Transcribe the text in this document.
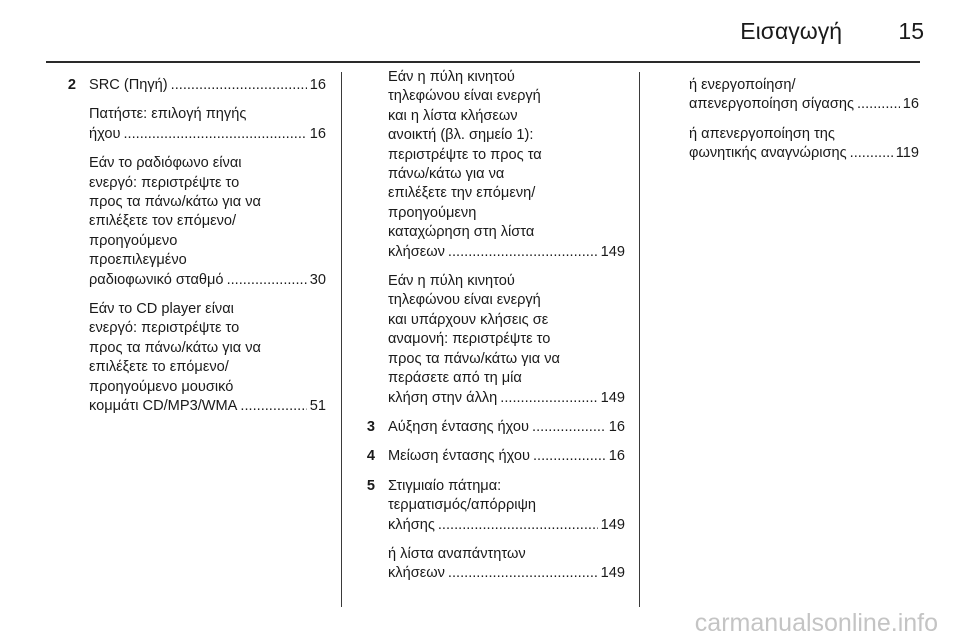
Εισαγωγή 15
2 SRC (Πηγή) .....	16
Πατήστε: επιλογή πηγής
ήχου .....	16
Εάν το ραδιόφωνο είναι
ενεργό: περιστρέψτε το
προς τα πάνω/κάτω για να
επιλέξετε τον επόμενο/
προηγούμενο
προεπιλεγμένο
ραδιοφωνικό σταθμό .....	30
Εάν το CD player είναι
ενεργό: περιστρέψτε το
προς τα πάνω/κάτω για να
επιλέξετε το επόμενο/
προηγούμενο μουσικό
κομμάτι CD/MP3/WMA .....	51
Εάν η πύλη κινητού
τηλεφώνου είναι ενεργή
και η λίστα κλήσεων
ανοικτή (βλ. σημείο 1):
περιστρέψτε το προς τα
πάνω/κάτω για να
επιλέξετε την επόμενη/
προηγούμενη
καταχώρηση στη λίστα
κλήσεων .....	149
Εάν η πύλη κινητού
τηλεφώνου είναι ενεργή
και υπάρχουν κλήσεις σε
αναμονή: περιστρέψτε το
προς τα πάνω/κάτω για να
περάσετε από τη μία
κλήση στην άλλη .....	149
3 Αύξηση έντασης ήχου .....	16
4 Μείωση έντασης ήχου .....	16
5 Στιγμιαίο πάτημα:
τερματισμός/απόρριψη
κλήσης .....	149
ή λίστα αναπάντητων
κλήσεων .....	149
ή ενεργοποίηση/
απενεργοποίηση σίγασης .....	16
ή απενεργοποίηση της
φωνητικής αναγνώρισης .....	119
carmanualsonline.info
